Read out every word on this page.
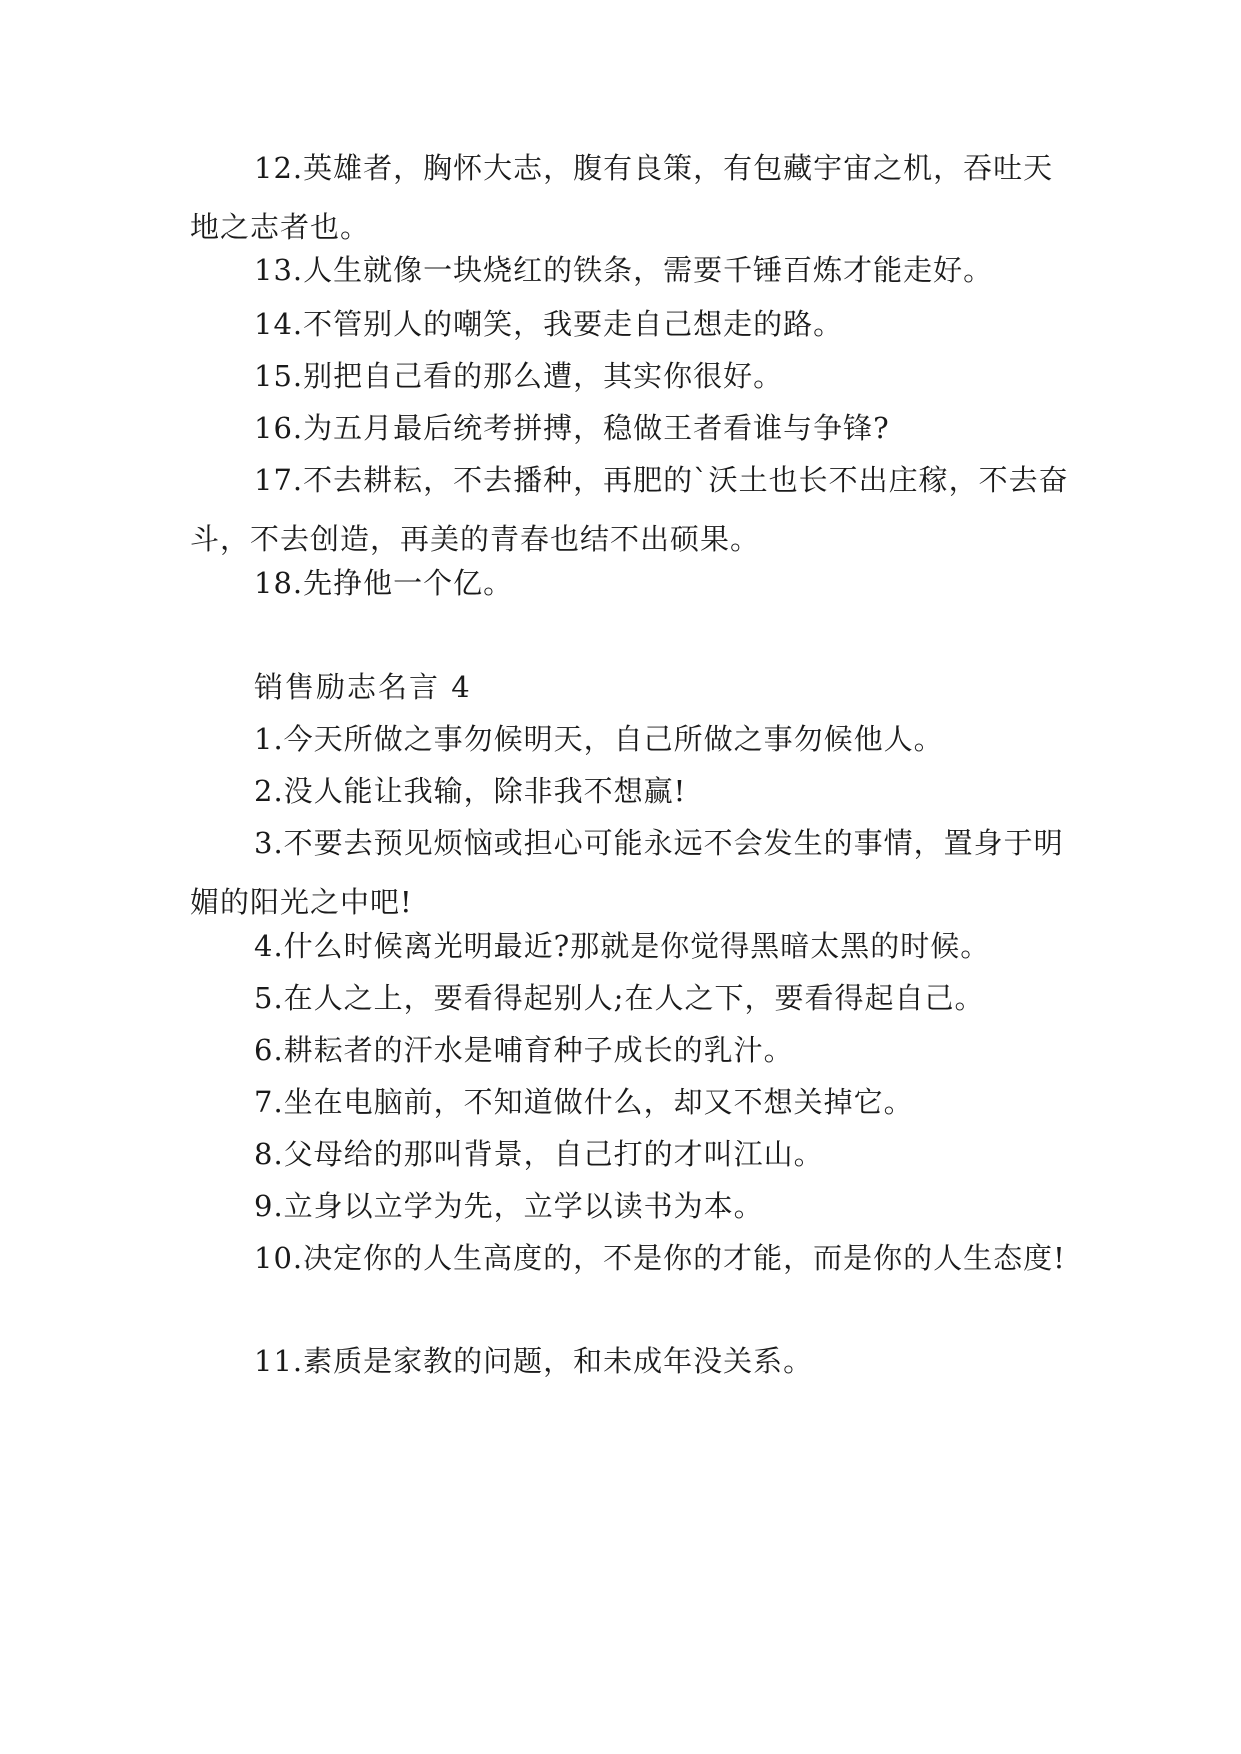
12.英雄者，胸怀大志，腹有良策，有包藏宇宙之机，吞吐天地之志者也。
13.人生就像一块烧红的铁条，需要千锤百炼才能走好。
14.不管别人的嘲笑，我要走自己想走的路。
15.别把自己看的那么遭，其实你很好。
16.为五月最后统考拼搏，稳做王者看谁与争锋?
17.不去耕耘，不去播种，再肥的`沃土也长不出庄稼，不去奋斗，不去创造，再美的青春也结不出硕果。
18.先挣他一个亿。
销售励志名言 4
1.今天所做之事勿候明天，自己所做之事勿候他人。
2.没人能让我输，除非我不想赢!
3.不要去预见烦恼或担心可能永远不会发生的事情，置身于明媚的阳光之中吧!
4.什么时候离光明最近?那就是你觉得黑暗太黑的时候。
5.在人之上，要看得起别人;在人之下，要看得起自己。
6.耕耘者的汗水是哺育种子成长的乳汁。
7.坐在电脑前，不知道做什么，却又不想关掉它。
8.父母给的那叫背景，自己打的才叫江山。
9.立身以立学为先，立学以读书为本。
10.决定你的人生高度的，不是你的才能，而是你的人生态度!
11.素质是家教的问题，和未成年没关系。
